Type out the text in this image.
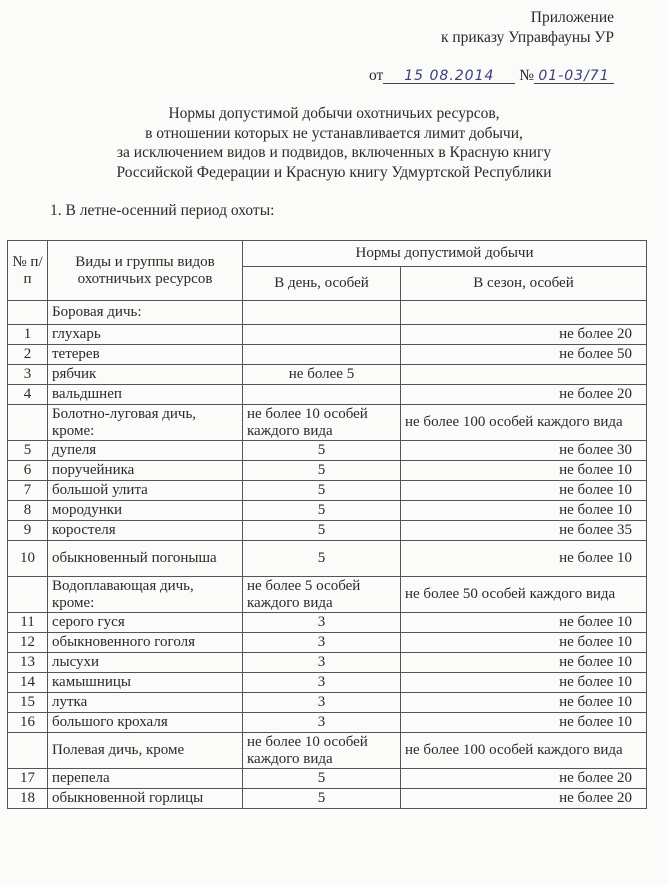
Приложение
к приказу Управфауны УР
от 15 08.2014 № 01-03/71
Нормы допустимой добычи охотничьих ресурсов,
в отношении которых не устанавливается лимит добычи,
за исключением видов и подвидов, включенных в Красную книгу
Российской Федерации и Красную книгу Удмуртской Республики
1. В летне-осенний период охоты:
№ п/п	Виды и группы видов охотничьих ресурсов	Нормы допустимой добычи	
		В день, особей	В сезон, особей
	Боровая дичь:		
1	глухарь		не более 20
2	тетерев		не более 50
3	рябчик	не более 5	
4	вальдшнеп		не более 20
	Болотно-луговая дичь, кроме:	не более 10 особей каждого вида	не более 100 особей каждого вида
5	дупеля	5	не более 30
6	поручейника	5	не более 10
7	большой улита	5	не более 10
8	мородунки	5	не более 10
9	коростеля	5	не более 35
10	обыкновенный погоныша	5	не более 10
	Водоплавающая дичь, кроме:	не более 5 особей каждого вида	не более 50 особей каждого вида
11	серого гуся	3	не более 10
12	обыкновенного гоголя	3	не более 10
13	лысухи	3	не более 10
14	камышницы	3	не более 10
15	лутка	3	не более 10
16	большого крохаля	3	не более 10
	Полевая дичь, кроме	не более 10 особей каждого вида	не более 100 особей каждого вида
17	перепела	5	не более 20
18	обыкновенной горлицы	5	не более 20
